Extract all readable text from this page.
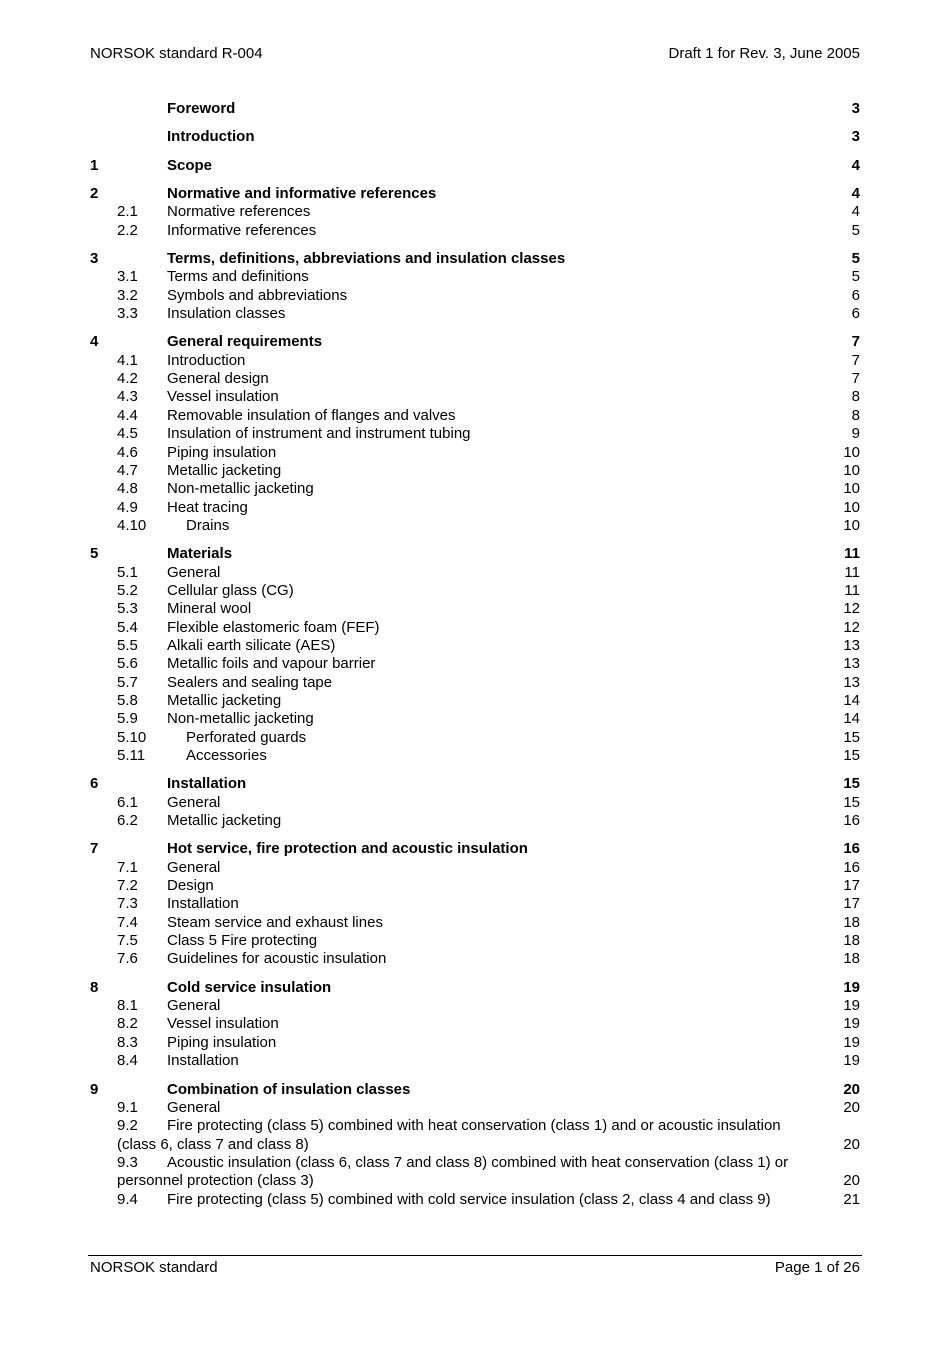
NORSOK standard R-004	Draft 1 for Rev. 3, June 2005
Foreword	3
Introduction	3
1	Scope	4
2	Normative and informative references	4
2.1 Normative references	4
2.2 Informative references	5
3	Terms, definitions, abbreviations and insulation classes	5
3.1 Terms and definitions	5
3.2 Symbols and abbreviations	6
3.3 Insulation classes	6
4	General requirements	7
4.1 Introduction	7
4.2 General design	7
4.3 Vessel insulation	8
4.4 Removable insulation of flanges and valves	8
4.5 Insulation of instrument and instrument tubing	9
4.6 Piping insulation	10
4.7 Metallic jacketing	10
4.8 Non-metallic jacketing	10
4.9 Heat tracing	10
4.10	Drains	10
5	Materials	11
5.1 General	11
5.2 Cellular glass (CG)	11
5.3 Mineral wool	12
5.4 Flexible elastomeric foam (FEF)	12
5.5 Alkali earth silicate (AES)	13
5.6 Metallic foils and vapour barrier	13
5.7 Sealers and sealing tape	13
5.8 Metallic jacketing	14
5.9 Non-metallic jacketing	14
5.10	Perforated guards	15
5.11	Accessories	15
6	Installation	15
6.1 General	15
6.2 Metallic jacketing	16
7	Hot service, fire protection and acoustic insulation	16
7.1 General	16
7.2 Design	17
7.3 Installation	17
7.4 Steam service and exhaust lines	18
7.5 Class 5 Fire protecting	18
7.6 Guidelines for acoustic insulation	18
8	Cold service insulation	19
8.1 General	19
8.2 Vessel insulation	19
8.3 Piping insulation	19
8.4 Installation	19
9	Combination of insulation classes	20
9.1 General	20
9.2 Fire protecting (class 5) combined with heat conservation (class 1) and or acoustic insulation
(class 6, class 7 and class 8)	20
9.3 Acoustic insulation (class 6, class 7 and class 8) combined with heat conservation (class 1) or
personnel protection (class 3)	20
9.4 Fire protecting (class 5) combined with cold service insulation (class 2, class 4 and class 9)	21
NORSOK standard	Page 1 of 26
